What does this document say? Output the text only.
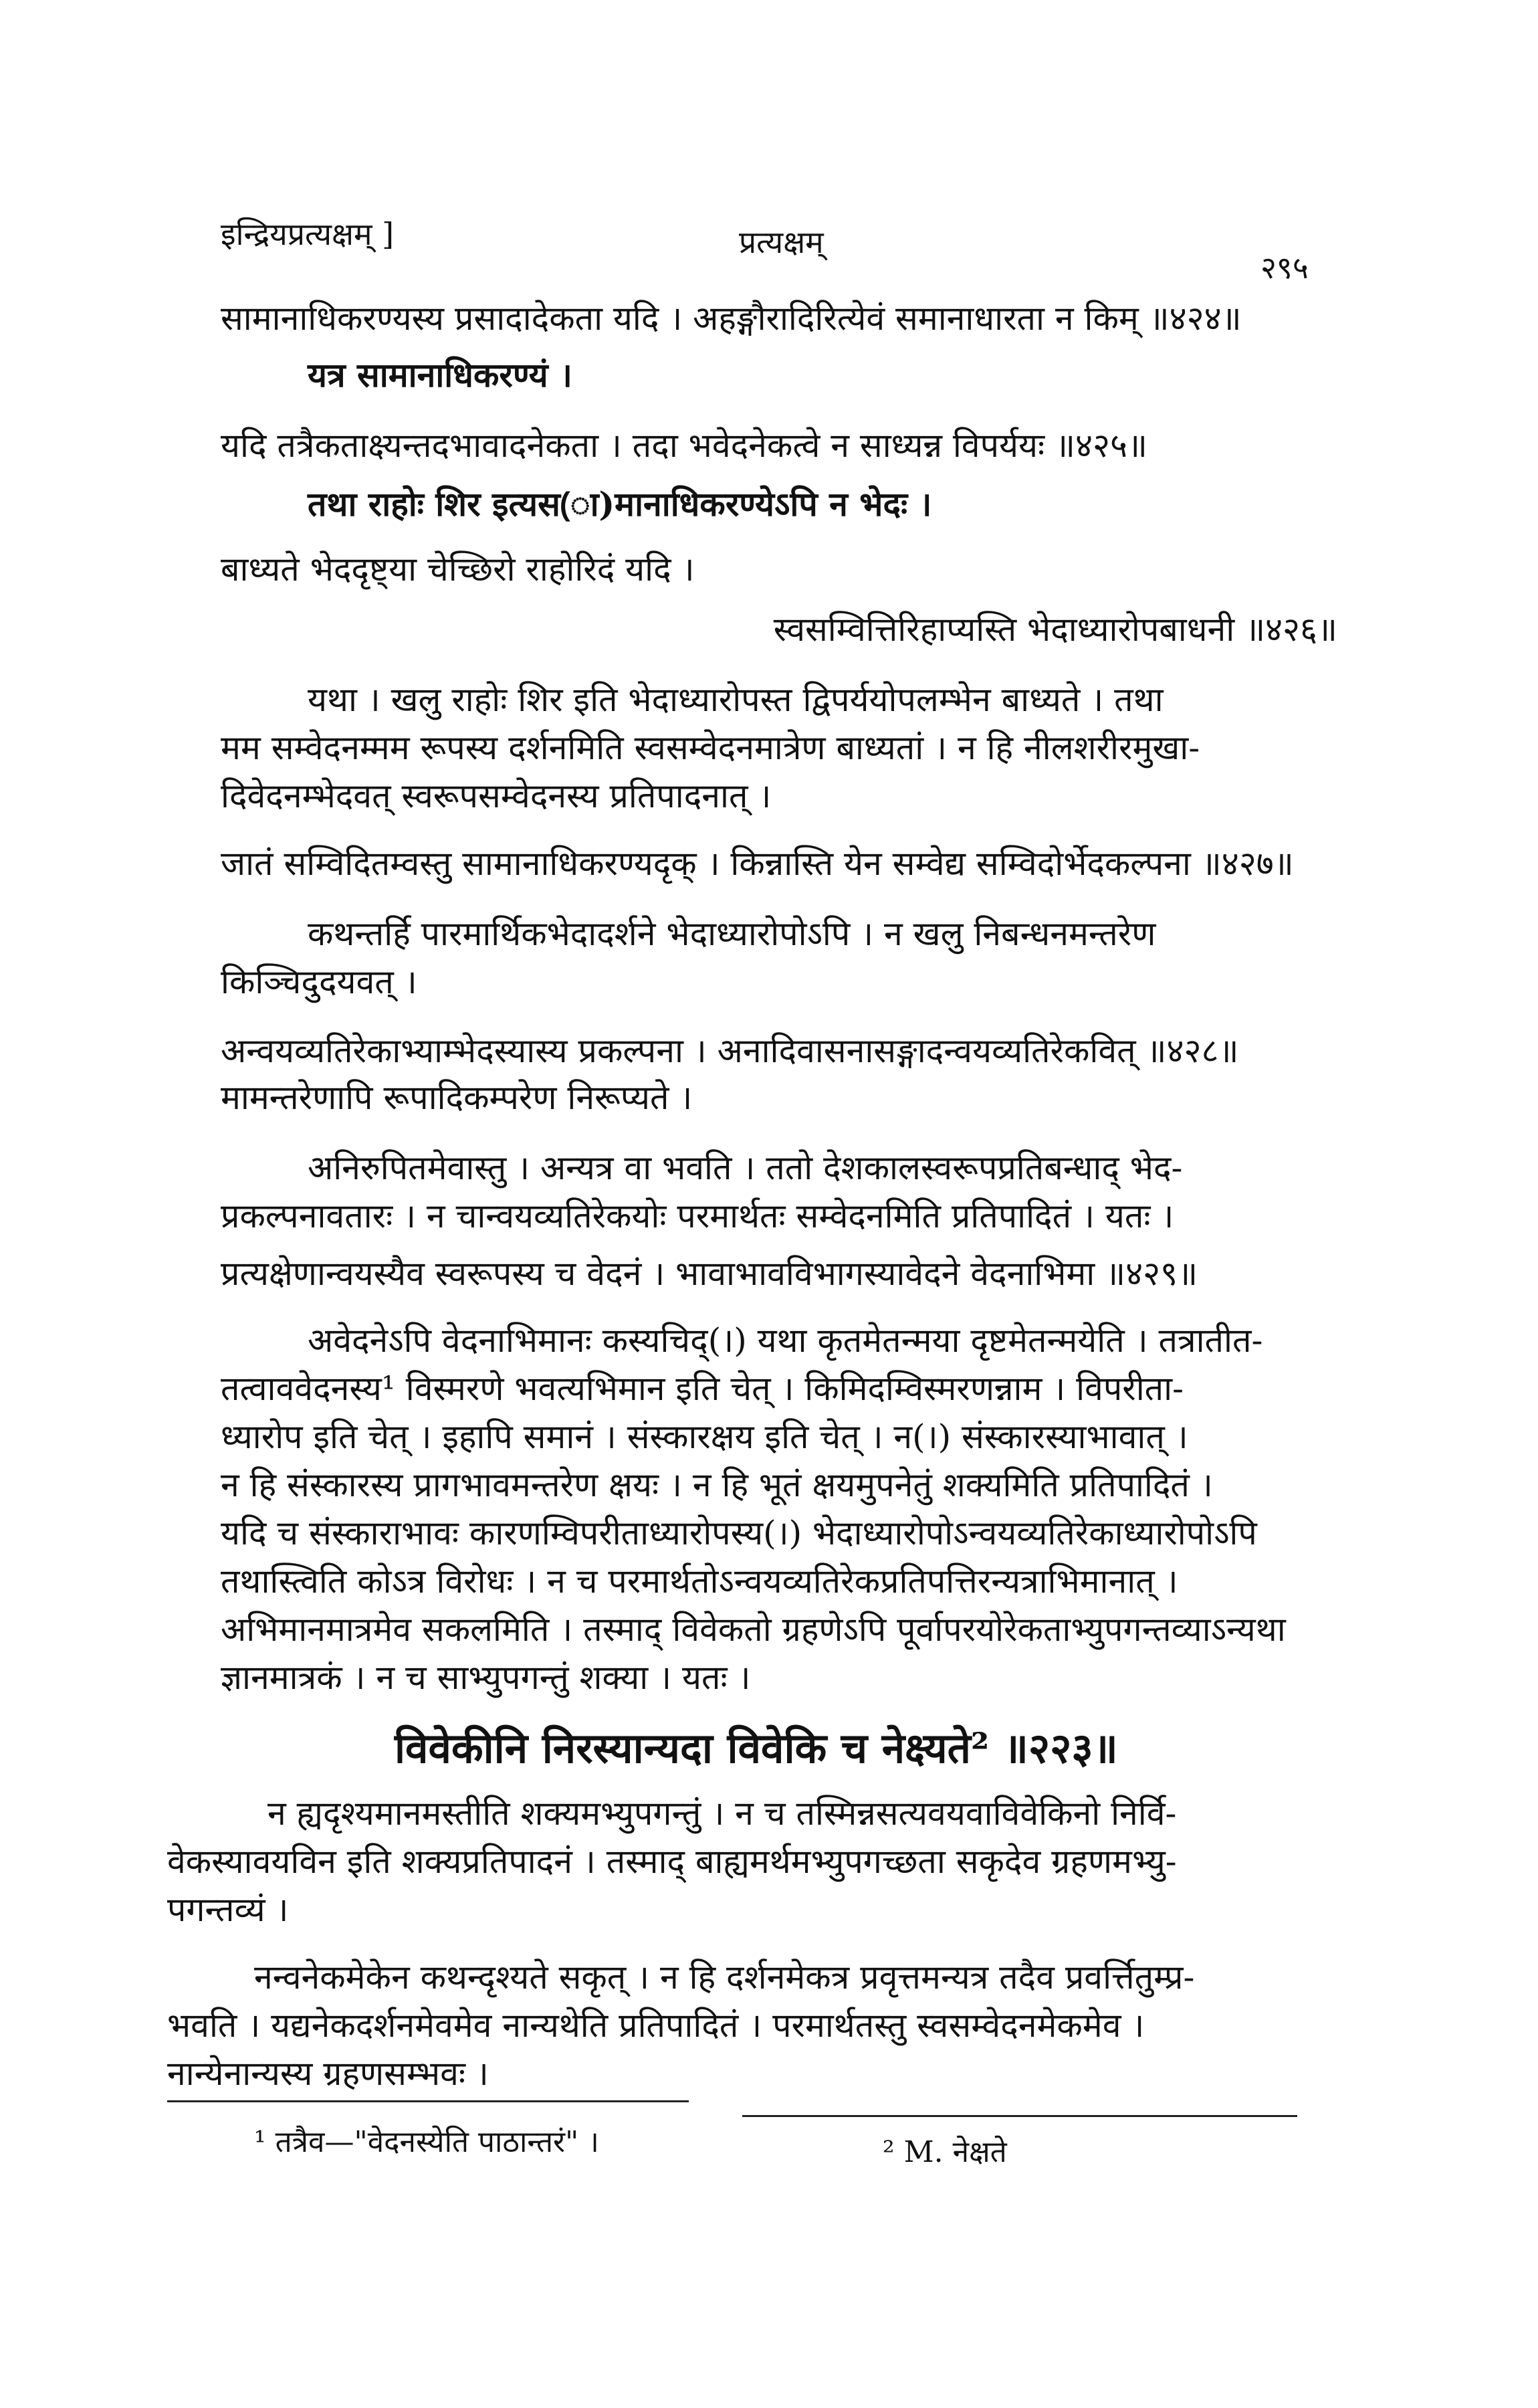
इन्द्रियप्रत्यक्षम् ]	प्रत्यक्षम्
२९५
सामानाधिकरण्यस्य प्रसादादेकता यदि । अहङ्गौरादिरित्येवं समानाधारता न किम् ॥४२४॥
यत्र सामानाधिकरण्यं ।
यदि तत्रैकताक्ष्यन्तदभावादनेकता । तदा भवेदनेकत्वे न साध्यन्न विपर्ययः ॥४२५॥
तथा राहोः शिर इत्यस(ा)मानाधिकरण्येऽपि न भेदः ।
बाध्यते भेददृष्ट्या चेच्छिरो राहोरिदं यदि ।
स्वसम्वित्तिरिहाप्यस्ति भेदाध्यारोपबाधनी ॥४२६॥
यथा । खलु राहोः शिर इति भेदाध्यारोपस्त द्विपर्ययोपलम्भेन बाध्यते । तथा
मम सम्वेदनम्मम रूपस्य दर्शनमिति स्वसम्वेदनमात्रेण बाध्यतां । न हि नीलशरीरमुखा-
दिवेदनम्भेदवत् स्वरूपसम्वेदनस्य प्रतिपादनात् ।
जातं सम्विदितम्वस्तु सामानाधिकरण्यदृक् । किन्नास्ति येन सम्वेद्य सम्विदोर्भेदकल्पना ॥४२७॥
कथन्तर्हि पारमार्थिकभेदादर्शने भेदाध्यारोपोऽपि । न खलु निबन्धनमन्तरेण
किञ्चिदुदयवत् ।
अन्वयव्यतिरेकाभ्याम्भेदस्यास्य प्रकल्पना । अनादिवासनासङ्गादन्वयव्यतिरेकवित् ॥४२८॥
मामन्तरेणापि रूपादिकम्परेण निरूप्यते ।
अनिरुपितमेवास्तु । अन्यत्र वा भवति । ततो देशकालस्वरूपप्रतिबन्धाद् भेद-
प्रकल्पनावतारः । न चान्वयव्यतिरेकयोः परमार्थतः सम्वेदनमिति प्रतिपादितं । यतः ।
प्रत्यक्षेणान्वयस्यैव स्वरूपस्य च वेदनं । भावाभावविभागस्यावेदने वेदनाभिमा ॥४२९॥
अवेदनेऽपि वेदनाभिमानः कस्यचिद्(।) यथा कृतमेतन्मया दृष्टमेतन्मयेति । तत्रातीत-
तत्वाववेदनस्य¹ विस्मरणे भवत्यभिमान इति चेत् । किमिदम्विस्मरणन्नाम । विपरीता-
ध्यारोप इति चेत् । इहापि समानं । संस्कारक्षय इति चेत् । न(।) संस्कारस्याभावात् ।
न हि संस्कारस्य प्रागभावमन्तरेण क्षयः । न हि भूतं क्षयमुपनेतुं शक्यमिति प्रतिपादितं ।
यदि च संस्काराभावः कारणम्विपरीताध्यारोपस्य(।) भेदाध्यारोपोऽन्वयव्यतिरेकाध्यारोपोऽपि
तथास्त्विति कोऽत्र विरोधः । न च परमार्थतोऽन्वयव्यतिरेकप्रतिपत्तिरन्यत्राभिमानात् ।
अभिमानमात्रमेव सकलमिति । तस्माद् विवेकतो ग्रहणेऽपि पूर्वापरयोरेकताभ्युपगन्तव्याऽन्यथा
ज्ञानमात्रकं । न च साभ्युपगन्तुं शक्या । यतः ।
विवेकीनि निरस्यान्यदा विवेकि च नेक्ष्यते² ॥२२३॥
न ह्यदृश्यमानमस्तीति शक्यमभ्युपगन्तुं । न च तस्मिन्नसत्यवयवाविवेकिनो निर्वि-
वेकस्यावयविन इति शक्यप्रतिपादनं । तस्माद् बाह्यमर्थमभ्युपगच्छता सकृदेव ग्रहणमभ्यु-
पगन्तव्यं ।
नन्वनेकमेकेन कथन्दृश्यते सकृत् । न हि दर्शनमेकत्र प्रवृत्तमन्यत्र तदैव प्रवर्त्तितुम्प्र-
भवति । यद्यनेकदर्शनमेवमेव नान्यथेति प्रतिपादितं । परमार्थतस्तु स्वसम्वेदनमेकमेव ।
नान्येनान्यस्य ग्रहणसम्भवः ।
¹ तत्रैव—"वेदनस्येति पाठान्तरं" ।	² M. नेक्षते
